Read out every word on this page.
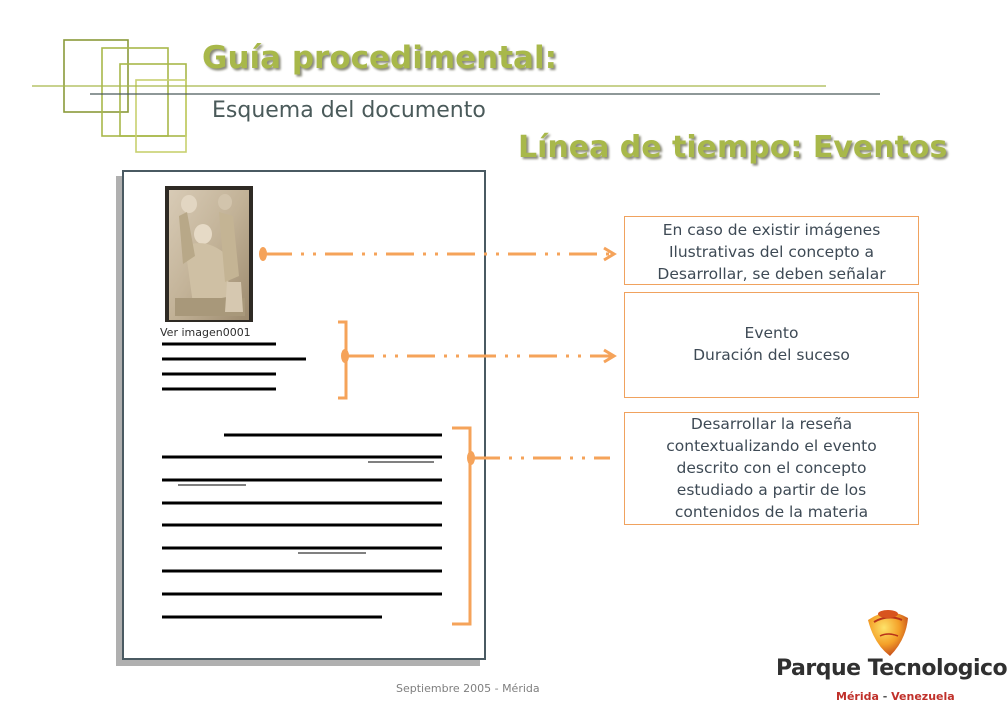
Guía procedimental:
Esquema del documento
Línea de tiempo: Eventos
Ver imagen0001
En caso de existir imágenes
Ilustrativas del concepto a
Desarrollar, se deben señalar
Evento
Duración del suceso
Desarrollar la reseña
contextualizando el evento
descrito con el concepto
estudiado a partir de los
contenidos de la materia
Septiembre 2005 - Mérida
Parque Tecnologico
Mérida - Venezuela
